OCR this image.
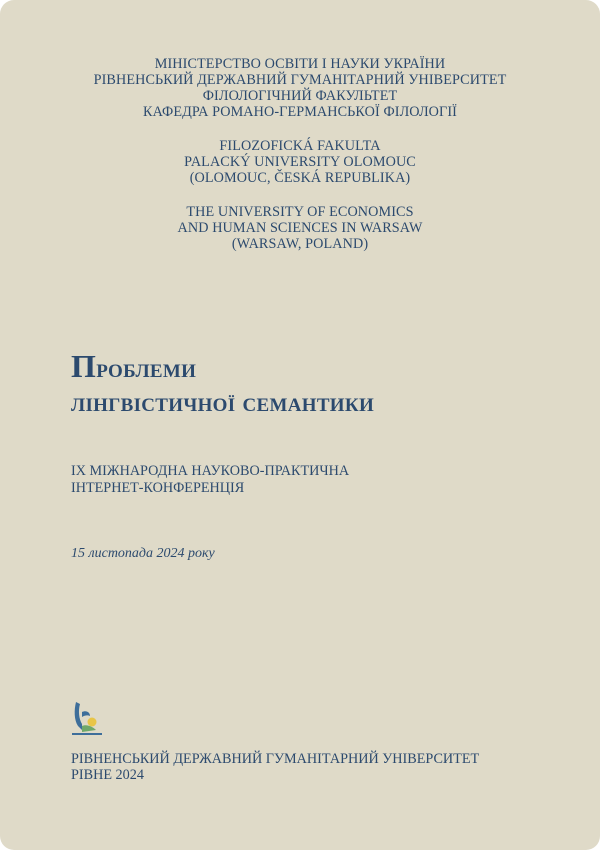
МІНІСТЕРСТВО ОСВІТИ І НАУКИ УКРАЇНИ
РІВНЕНСЬКИЙ ДЕРЖАВНИЙ ГУМАНІТАРНИЙ УНІВЕРСИТЕТ
ФІЛОЛОГІЧНИЙ ФАКУЛЬТЕТ
КАФЕДРА РОМАНО-ГЕРМАНСЬКОЇ ФІЛОЛОГІЇ
FILOZOFICKÁ FAKULTA
PALACKÝ UNIVERSITY OLOMOUC
(OLOMOUC, ČESKÁ REPUBLIKA)
THE UNIVERSITY OF ECONOMICS
AND HUMAN SCIENCES IN WARSAW
(WARSAW, POLAND)
Проблеми
лінгвістичної семантики
IX МІЖНАРОДНА НАУКОВО-ПРАКТИЧНА
ІНТЕРНЕТ-КОНФЕРЕНЦІЯ
15 листопада 2024 року
РІВНЕНСЬКИЙ ДЕРЖАВНИЙ ГУМАНІТАРНИЙ УНІВЕРСИТЕТ
РІВНЕ 2024
